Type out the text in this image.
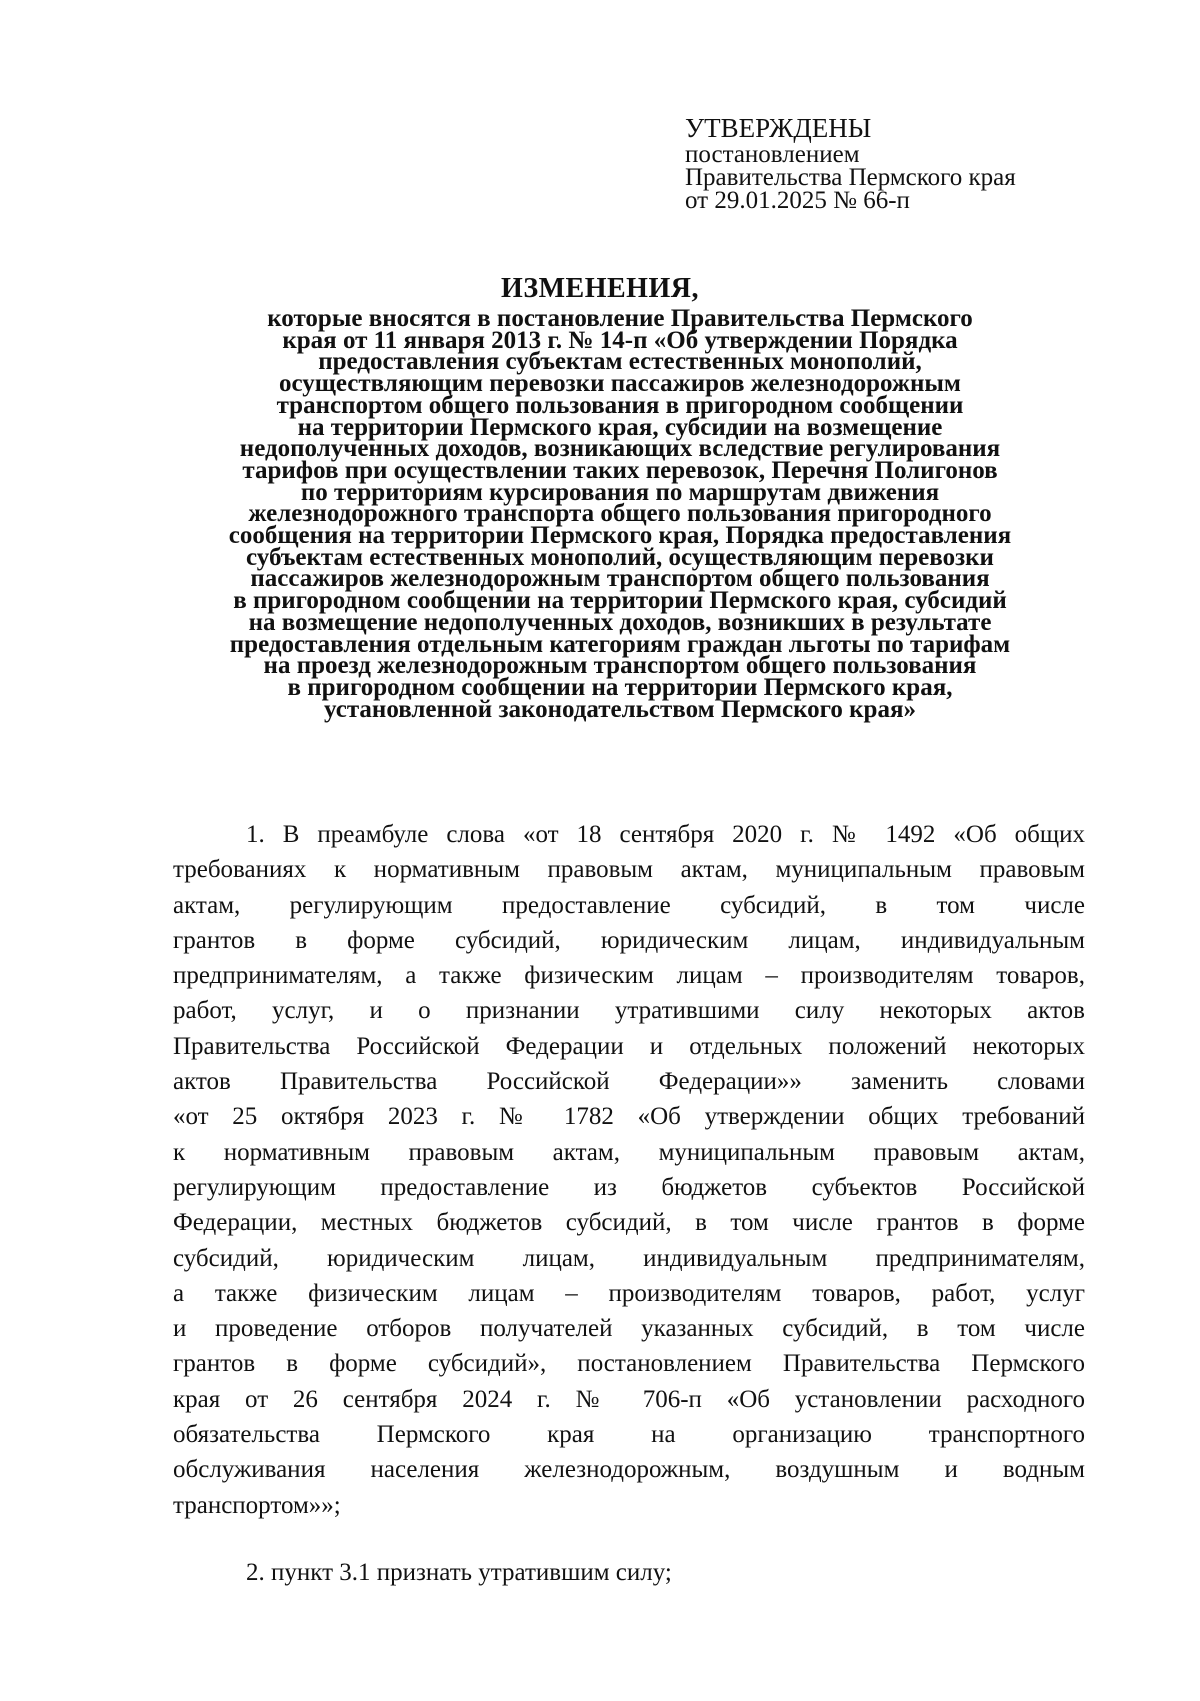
УТВЕРЖДЕНЫ
постановлением
Правительства Пермского края
от 29.01.2025 № 66-п
ИЗМЕНЕНИЯ,
которые вносятся в постановление Правительства Пермского
края от 11 января 2013 г. № 14-п «Об утверждении Порядка
предоставления субъектам естественных монополий,
осуществляющим перевозки пассажиров железнодорожным
транспортом общего пользования в пригородном сообщении
на территории Пермского края, субсидии на возмещение
недополученных доходов, возникающих вследствие регулирования
тарифов при осуществлении таких перевозок, Перечня Полигонов
по территориям курсирования по маршрутам движения
железнодорожного транспорта общего пользования пригородного
сообщения на территории Пермского края, Порядка предоставления
субъектам естественных монополий, осуществляющим перевозки
пассажиров железнодорожным транспортом общего пользования
в пригородном сообщении на территории Пермского края, субсидий
на возмещение недополученных доходов, возникших в результате
предоставления отдельным категориям граждан льготы по тарифам
на проезд железнодорожным транспортом общего пользования
в пригородном сообщении на территории Пермского края,
установленной законодательством Пермского края»
1. В преамбуле слова «от 18 сентября 2020 г. № 1492 «Об общих
требованиях к нормативным правовым актам, муниципальным правовым
актам, регулирующим предоставление субсидий, в том числе
грантов в форме субсидий, юридическим лицам, индивидуальным
предпринимателям, а также физическим лицам – производителям товаров,
работ, услуг, и о признании утратившими силу некоторых актов
Правительства Российской Федерации и отдельных положений некоторых
актов Правительства Российской Федерации»» заменить словами
«от 25 октября 2023 г. № 1782 «Об утверждении общих требований
к нормативным правовым актам, муниципальным правовым актам,
регулирующим предоставление из бюджетов субъектов Российской
Федерации, местных бюджетов субсидий, в том числе грантов в форме
субсидий, юридическим лицам, индивидуальным предпринимателям,
а также физическим лицам – производителям товаров, работ, услуг
и проведение отборов получателей указанных субсидий, в том числе
грантов в форме субсидий», постановлением Правительства Пермского
края от 26 сентября 2024 г. № 706-п «Об установлении расходного
обязательства Пермского края на организацию транспортного
обслуживания населения железнодорожным, воздушным и водным
транспортом»»;
2. пункт 3.1 признать утратившим силу;
